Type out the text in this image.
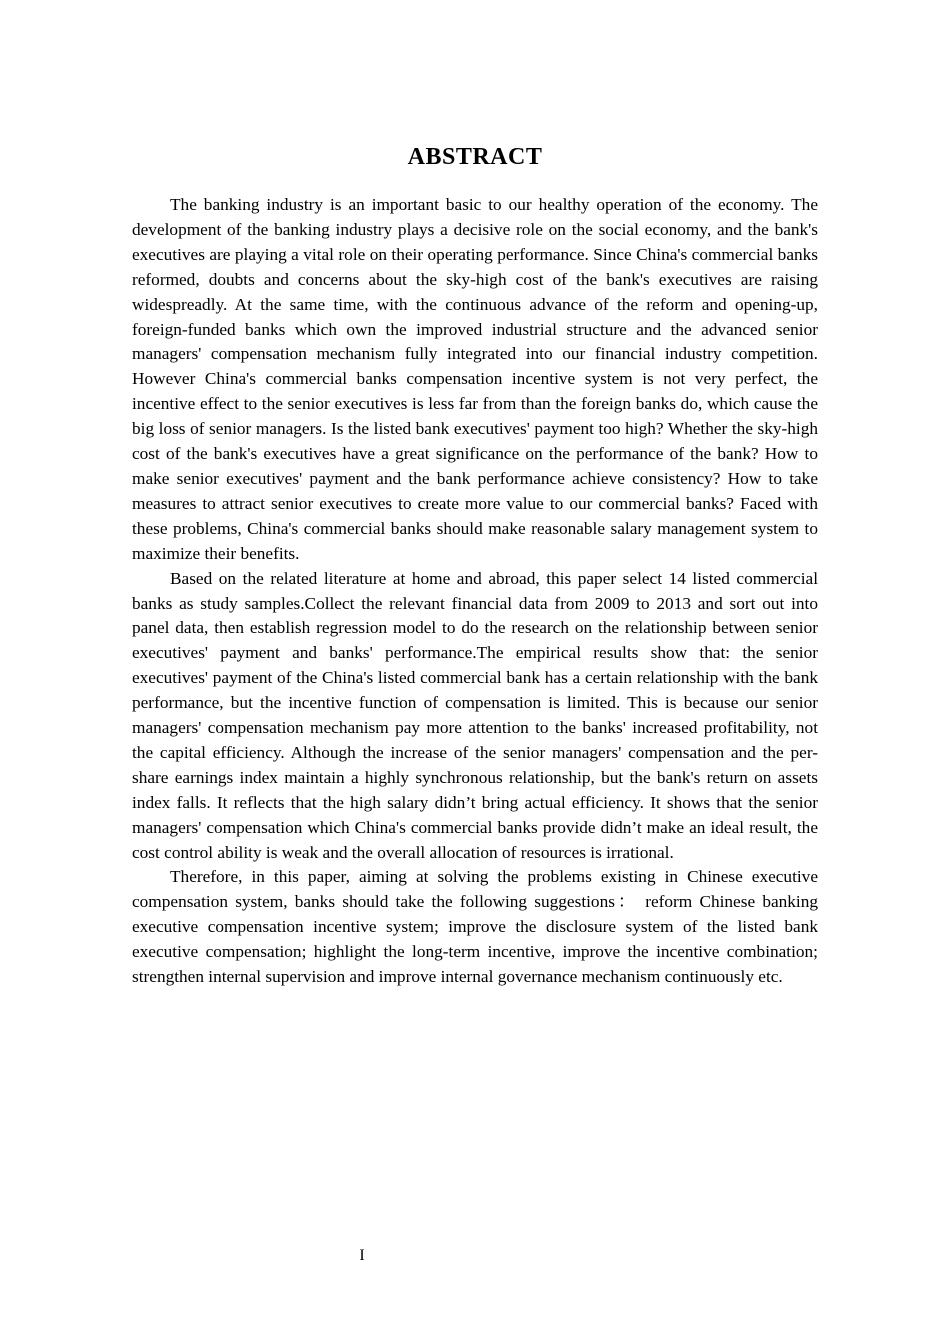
ABSTRACT

The banking industry is an important basic to our healthy operation of the economy. The development of the banking industry plays a decisive role on the social economy, and the bank's executives are playing a vital role on their operating performance. Since China's commercial banks reformed, doubts and concerns about the sky-high cost of the bank's executives are raising widespreadly. At the same time, with the continuous advance of the reform and opening-up, foreign-funded banks which own the improved industrial structure and the advanced senior managers' compensation mechanism fully integrated into our financial industry competition. However China's commercial banks compensation incentive system is not very perfect, the incentive effect to the senior executives is less far from than the foreign banks do, which cause the big loss of senior managers. Is the listed bank executives' payment too high? Whether the sky-high cost of the bank's executives have a great significance on the performance of the bank? How to make senior executives' payment and the bank performance achieve consistency? How to take measures to attract senior executives to create more value to our commercial banks? Faced with these problems, China's commercial banks should make reasonable salary management system to maximize their benefits.

Based on the related literature at home and abroad, this paper select 14 listed commercial banks as study samples.Collect the relevant financial data from 2009 to 2013 and sort out into panel data, then establish regression model to do the research on the relationship between senior executives' payment and banks' performance.The empirical results show that: the senior executives' payment of the China's listed commercial bank has a certain relationship with the bank performance, but the incentive function of compensation is limited. This is because our senior managers' compensation mechanism pay more attention to the banks' increased profitability, not the capital efficiency. Although the increase of the senior managers' compensation and the per-share earnings index maintain a highly synchronous relationship, but the bank's return on assets index falls. It reflects that the high salary didn’t bring actual efficiency. It shows that the senior managers' compensation which China's commercial banks provide didn’t make an ideal result, the cost control ability is weak and the overall allocation of resources is irrational.

Therefore, in this paper, aiming at solving the problems existing in Chinese executive compensation system, banks should take the following suggestions： reform Chinese banking executive compensation incentive system; improve the disclosure system of the listed bank executive compensation; highlight the long-term incentive, improve the incentive combination; strengthen internal supervision and improve internal governance mechanism continuously etc.

I
